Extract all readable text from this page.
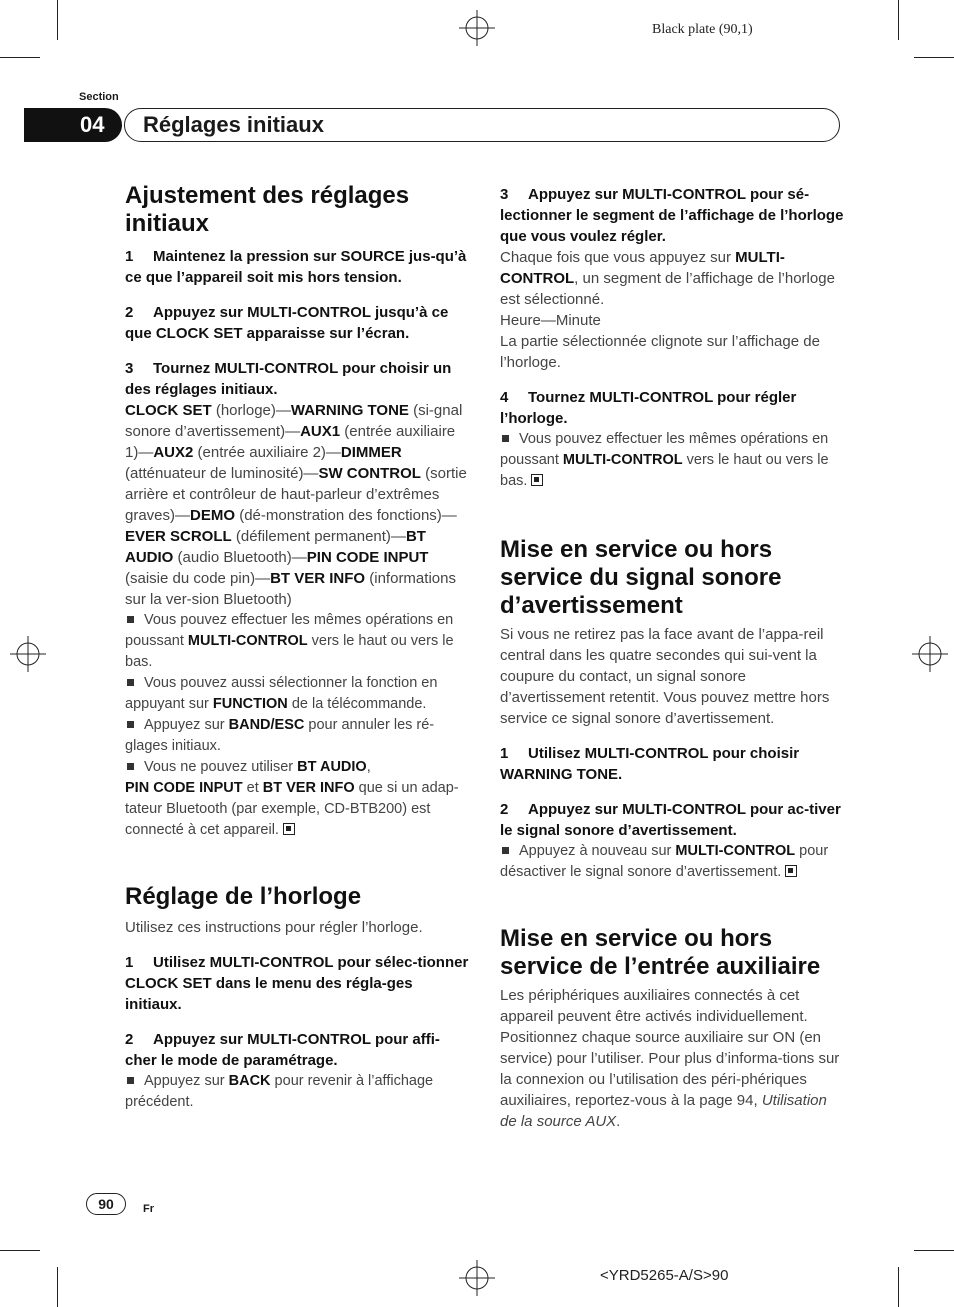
Black plate (90,1)
Section
04 Réglages initiaux
Ajustement des réglages initiaux

1 Maintenez la pression sur SOURCE jus-qu’à ce que l’appareil soit mis hors tension.

2 Appuyez sur MULTI-CONTROL jusqu’à ce que CLOCK SET apparaisse sur l’écran.

3 Tournez MULTI-CONTROL pour choisir un des réglages initiaux.

CLOCK SET (horloge)—WARNING TONE (si-gnal sonore d’avertissement)—AUX1 (entrée auxiliaire 1)—AUX2 (entrée auxiliaire 2)—DIMMER (atténuateur de luminosité)—SW CONTROL (sortie arrière et contrôleur de haut-parleur d’extrêmes graves)—DEMO (dé-monstration des fonctions)—EVER SCROLL (défilement permanent)—BT AUDIO (audio Bluetooth)—PIN CODE INPUT (saisie du code pin)—BT VER INFO (informations sur la ver-sion Bluetooth)

Vous pouvez effectuer les mêmes opérations en poussant MULTI-CONTROL vers le haut ou vers le bas.

Vous pouvez aussi sélectionner la fonction en appuyant sur FUNCTION de la télécommande.

Appuyez sur BAND/ESC pour annuler les ré-glages initiaux.

Vous ne pouvez utiliser BT AUDIO,
PIN CODE INPUT et BT VER INFO que si un adap-tateur Bluetooth (par exemple, CD-BTB200) est connecté à cet appareil.

Réglage de l’horloge

Utilisez ces instructions pour régler l’horloge.

1 Utilisez MULTI-CONTROL pour sélec-tionner CLOCK SET dans le menu des régla-ges initiaux.

2 Appuyez sur MULTI-CONTROL pour affi-cher le mode de paramétrage.

Appuyez sur BACK pour revenir à l’affichage précédent.

3 Appuyez sur MULTI-CONTROL pour sé-lectionner le segment de l’affichage de l’horloge que vous voulez régler.

Chaque fois que vous appuyez sur MULTI-CONTROL, un segment de l’affichage de l’horloge est sélectionné.

Heure—Minute

La partie sélectionnée clignote sur l’affichage de l’horloge.

4 Tournez MULTI-CONTROL pour régler l’horloge.

Vous pouvez effectuer les mêmes opérations en poussant MULTI-CONTROL vers le haut ou vers le bas.

Mise en service ou hors service du signal sonore d’avertissement

Si vous ne retirez pas la face avant de l’appa-reil central dans les quatre secondes qui sui-vent la coupure du contact, un signal sonore d’avertissement retentit. Vous pouvez mettre hors service ce signal sonore d’avertissement.

1 Utilisez MULTI-CONTROL pour choisir WARNING TONE.

2 Appuyez sur MULTI-CONTROL pour ac-tiver le signal sonore d’avertissement.

Appuyez à nouveau sur MULTI-CONTROL pour désactiver le signal sonore d’avertissement.

Mise en service ou hors service de l’entrée auxiliaire

Les périphériques auxiliaires connectés à cet appareil peuvent être activés individuellement. Positionnez chaque source auxiliaire sur ON (en service) pour l’utiliser. Pour plus d’informa-tions sur la connexion ou l’utilisation des péri-phériques auxiliaires, reportez-vous à la page 94, Utilisation de la source AUX.

90	Fr
<YRD5265-A/S>90
